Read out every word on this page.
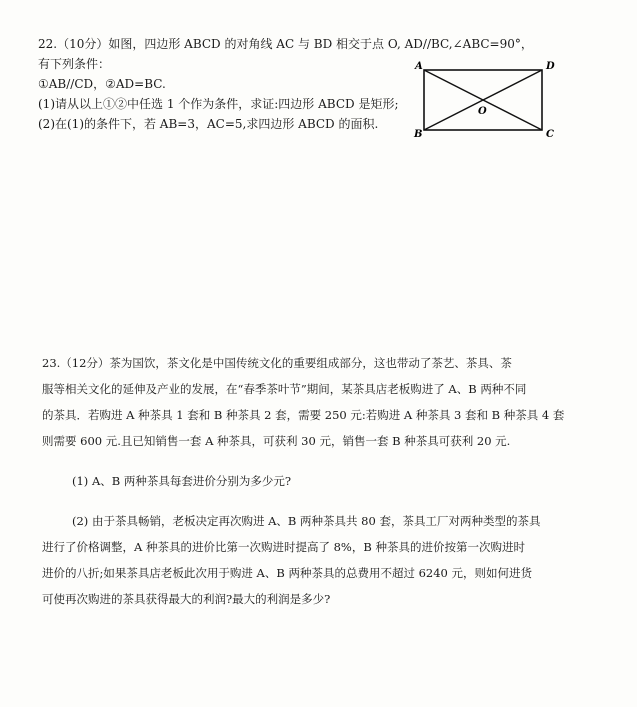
22.（10分）如图，四边形 ABCD 的对角线 AC 与 BD 相交于点 O, AD//BC,∠ABC=90°，
有下列条件：
①AB//CD，②AD=BC.
(1)请从以上①②中任选 1 个作为条件，求证:四边形 ABCD 是矩形;
(2)在(1)的条件下，若 AB=3，AC=5,求四边形 ABCD 的面积.
A	D
B	C
O
23.（12分）茶为国饮，茶文化是中国传统文化的重要组成部分，这也带动了茶艺、茶具、茶
服等相关文化的延伸及产业的发展，在“春季茶叶节”期间，某茶具店老板购进了 A、B 两种不同
的茶具．若购进 A 种茶具 1 套和 B 种茶具 2 套，需要 250 元:若购进 A 种茶具 3 套和 B 种茶具 4 套
则需要 600 元.且已知销售一套 A 种茶具，可获利 30 元，销售一套 B 种茶具可获利 20 元.
(1) A、B 两种茶具每套进价分别为多少元?
(2) 由于茶具畅销，老板决定再次购进 A、B 两种茶具共 80 套，茶具工厂对两种类型的茶具
进行了价格调整，A 种茶具的进价比第一次购进时提高了 8%，B 种茶具的进价按第一次购进时
进价的八折;如果茶具店老板此次用于购进 A、B 两种茶具的总费用不超过 6240 元，则如何进货
可使再次购进的茶具获得最大的利润?最大的利润是多少?
